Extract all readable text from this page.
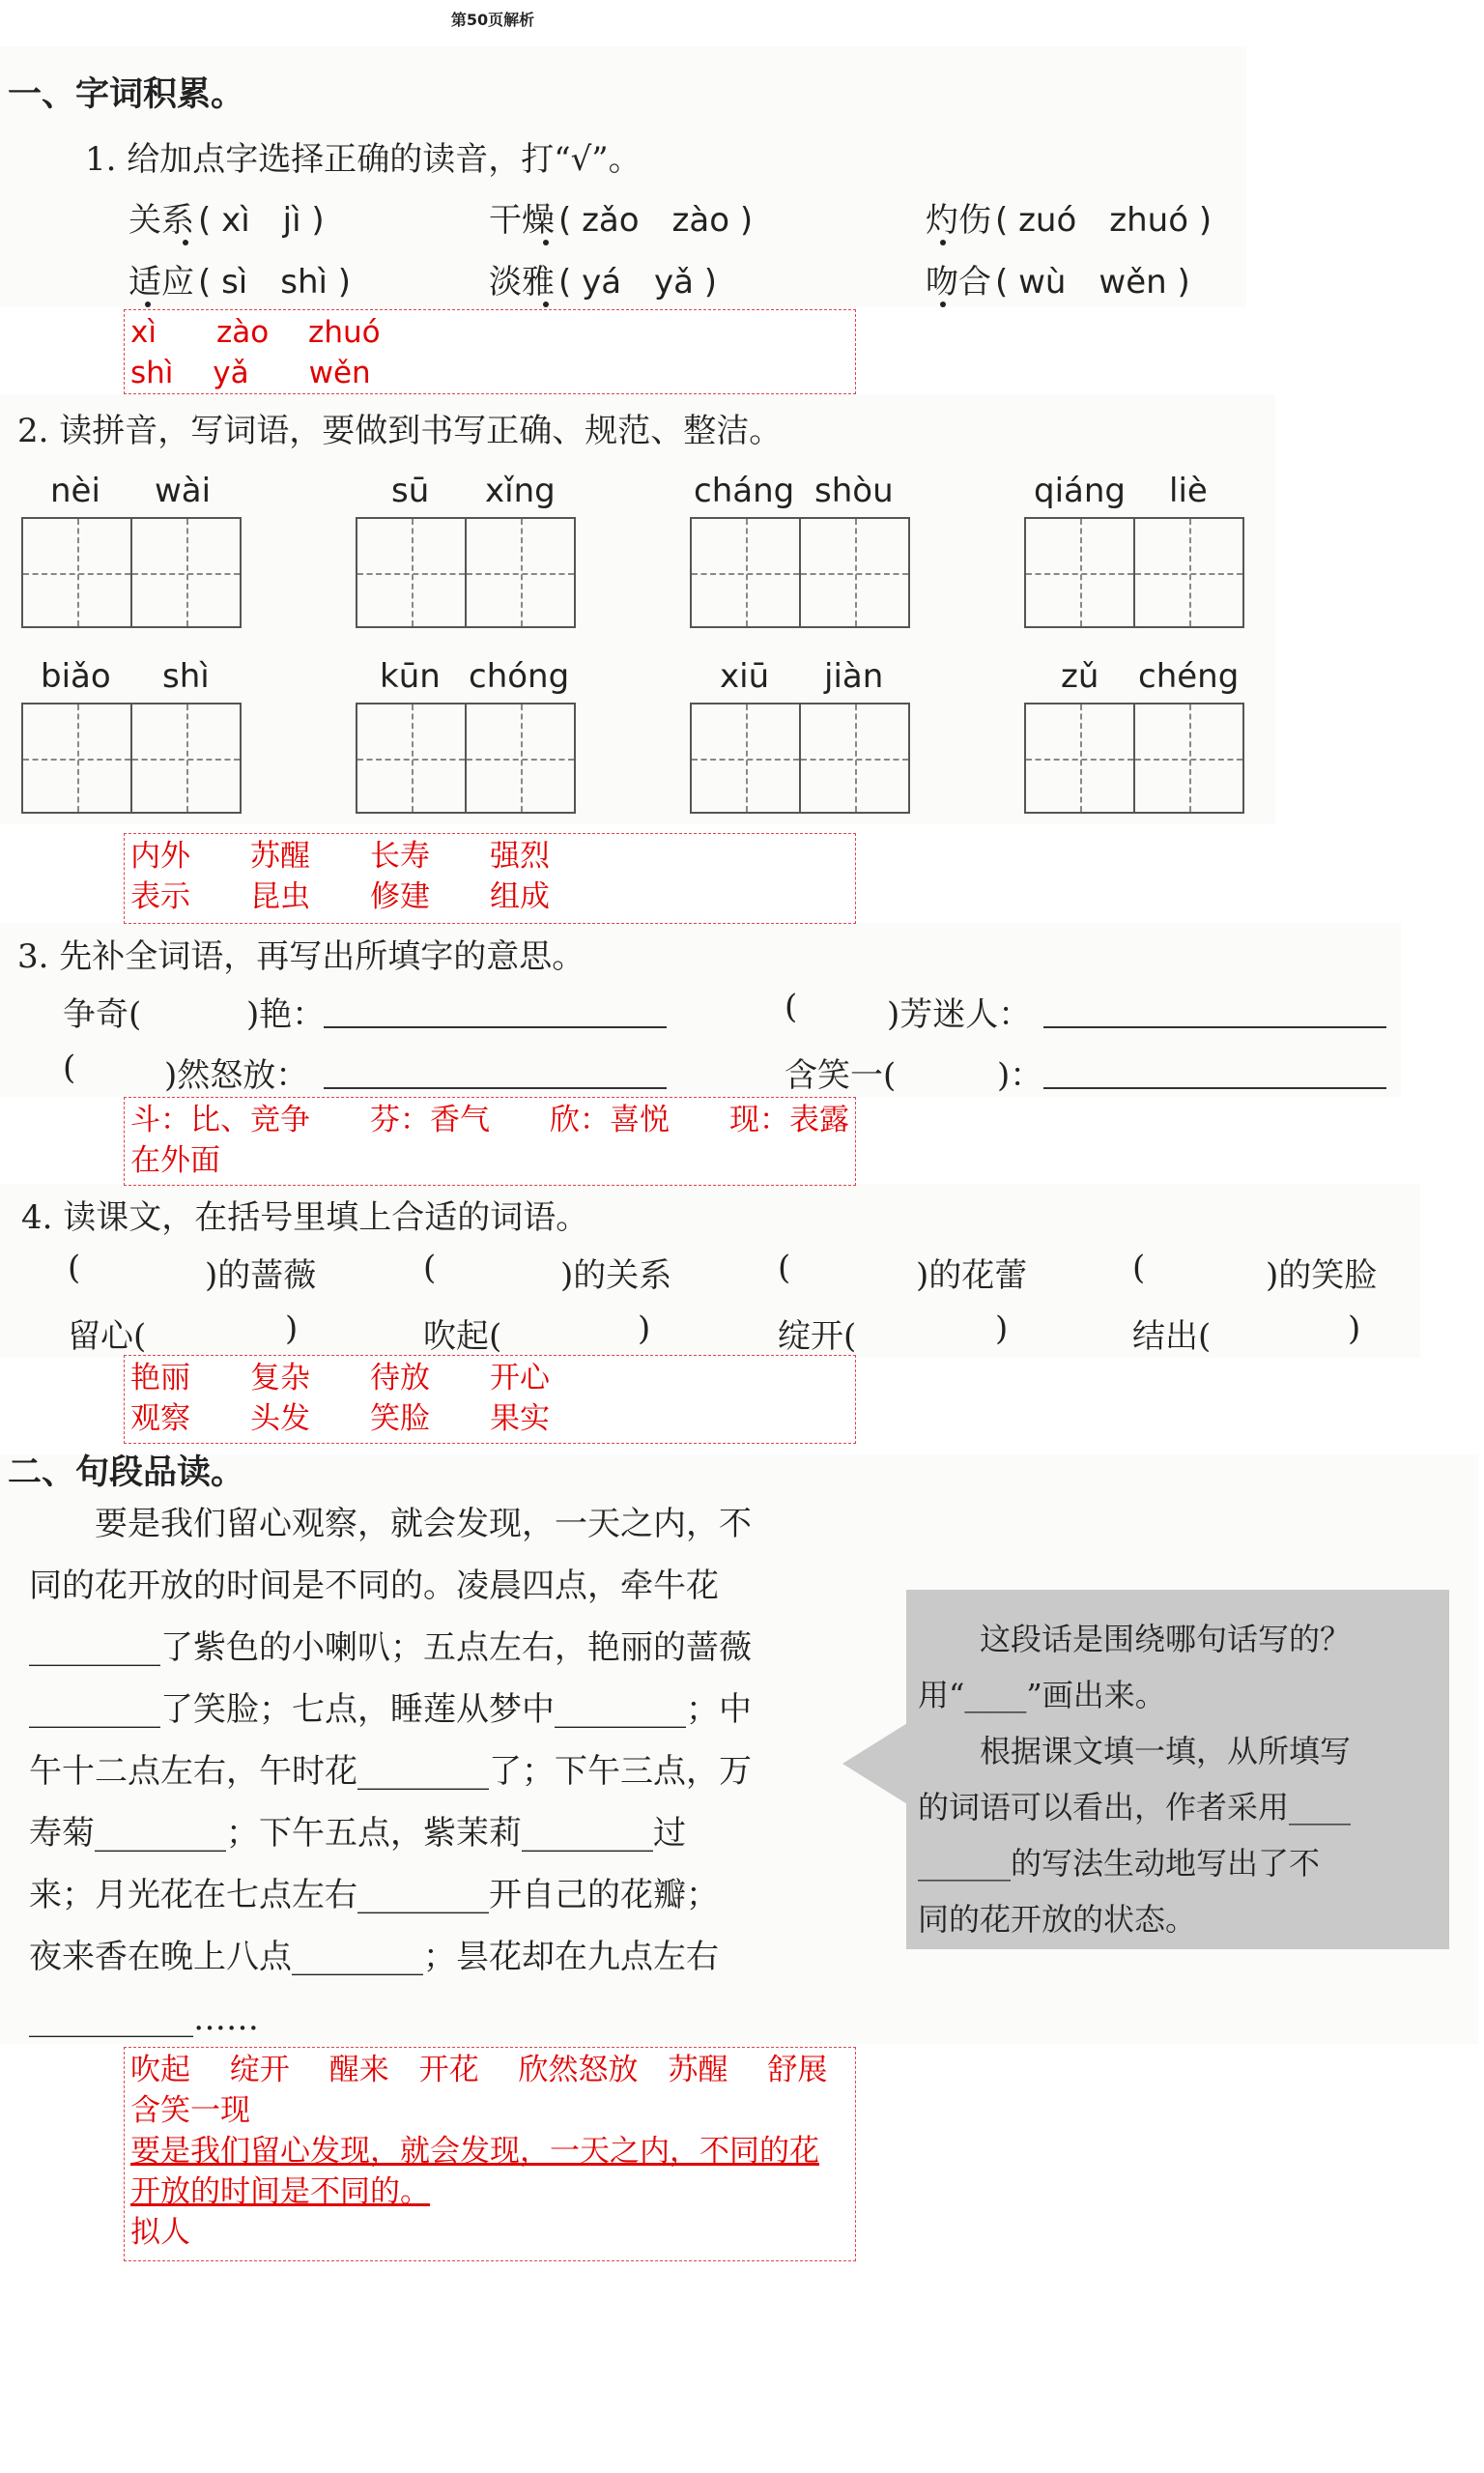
第50页解析
一、字词积累。
1. 给加点字选择正确的读音，打“√”。
关系 ( xì　jì )	干燥 ( zǎo　zào )	灼伤 ( zuó　zhuó )
适应 ( sì　shì )	淡雅 ( yá　yǎ )	吻合 ( wù　wěn )
xì　　zào　 zhuó
shì　 yǎ　　wěn
2. 读拼音，写词语，要做到书写正确、规范、整洁。
nèi wài	sū xǐng	cháng shòu	qiáng liè
biǎo shì	kūn chóng	xiū jiàn	zǔ chéng
内外　　苏醒　　长寿　　强烈
表示　　昆虫　　修建　　组成
3. 先补全词语，再写出所填字的意思。
争奇(	)艳：	(	)芳迷人：
(	)然怒放：	含笑一(	)：
斗：比、竞争　　芬：香气　　欣：喜悦　　现：表露
在外面
4. 读课文，在括号里填上合适的词语。
(	)的蔷薇	(	)的关系	(	)的花蕾	(	)的笑脸
留心(	)	吹起(	)	绽开(	)	结出(	)
艳丽　　复杂　　待放　　开心
观察　　头发　　笑脸　　果实
二、句段品读。
　　要是我们留心观察，就会发现，一天之内，不
同的花开放的时间是不同的。凌晨四点，牵牛花
________了紫色的小喇叭；五点左右，艳丽的蔷薇
________了笑脸；七点，睡莲从梦中________；中
午十二点左右，午时花________了；下午三点，万
寿菊________；下午五点，紫茉莉________过
来；月光花在七点左右________开自己的花瓣；
夜来香在晚上八点________；昙花却在九点左右
__________……
　　这段话是围绕哪句话写的？
用“____”画出来。
　　根据课文填一填，从所填写
的词语可以看出，作者采用____
______的写法生动地写出了不
同的花开放的状态。
吹起　 绽开　 醒来　开花　 欣然怒放　苏醒　 舒展
含笑一现
要是我们留心发现，就会发现，一天之内，不同的花
开放的时间是不同的。
拟人
